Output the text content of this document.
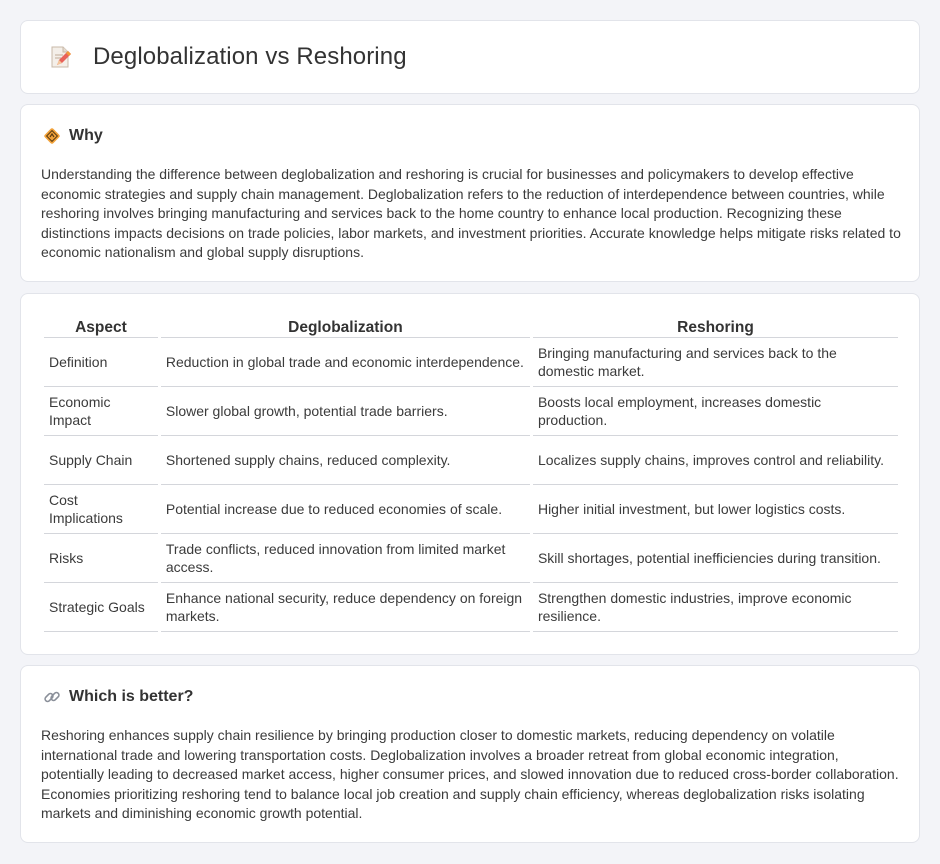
Deglobalization vs Reshoring
Why

Understanding the difference between deglobalization and reshoring is crucial for businesses and policymakers to develop effective economic strategies and supply chain management. Deglobalization refers to the reduction of interdependence between countries, while reshoring involves bringing manufacturing and services back to the home country to enhance local production. Recognizing these distinctions impacts decisions on trade policies, labor markets, and investment priorities. Accurate knowledge helps mitigate risks related to economic nationalism and global supply disruptions.

Aspect	Deglobalization	Reshoring
Definition	Reduction in global trade and economic interdependence.	Bringing manufacturing and services back to the domestic market.
Economic Impact	Slower global growth, potential trade barriers.	Boosts local employment, increases domestic production.
Supply Chain	Shortened supply chains, reduced complexity.	Localizes supply chains, improves control and reliability.
Cost Implications	Potential increase due to reduced economies of scale.	Higher initial investment, but lower logistics costs.
Risks	Trade conflicts, reduced innovation from limited market access.	Skill shortages, potential inefficiencies during transition.
Strategic Goals	Enhance national security, reduce dependency on foreign markets.	Strengthen domestic industries, improve economic resilience.
Which is better?

Reshoring enhances supply chain resilience by bringing production closer to domestic markets, reducing dependency on volatile international trade and lowering transportation costs. Deglobalization involves a broader retreat from global economic integration, potentially leading to decreased market access, higher consumer prices, and slowed innovation due to reduced cross-border collaboration. Economies prioritizing reshoring tend to balance local job creation and supply chain efficiency, whereas deglobalization risks isolating markets and diminishing economic growth potential.
